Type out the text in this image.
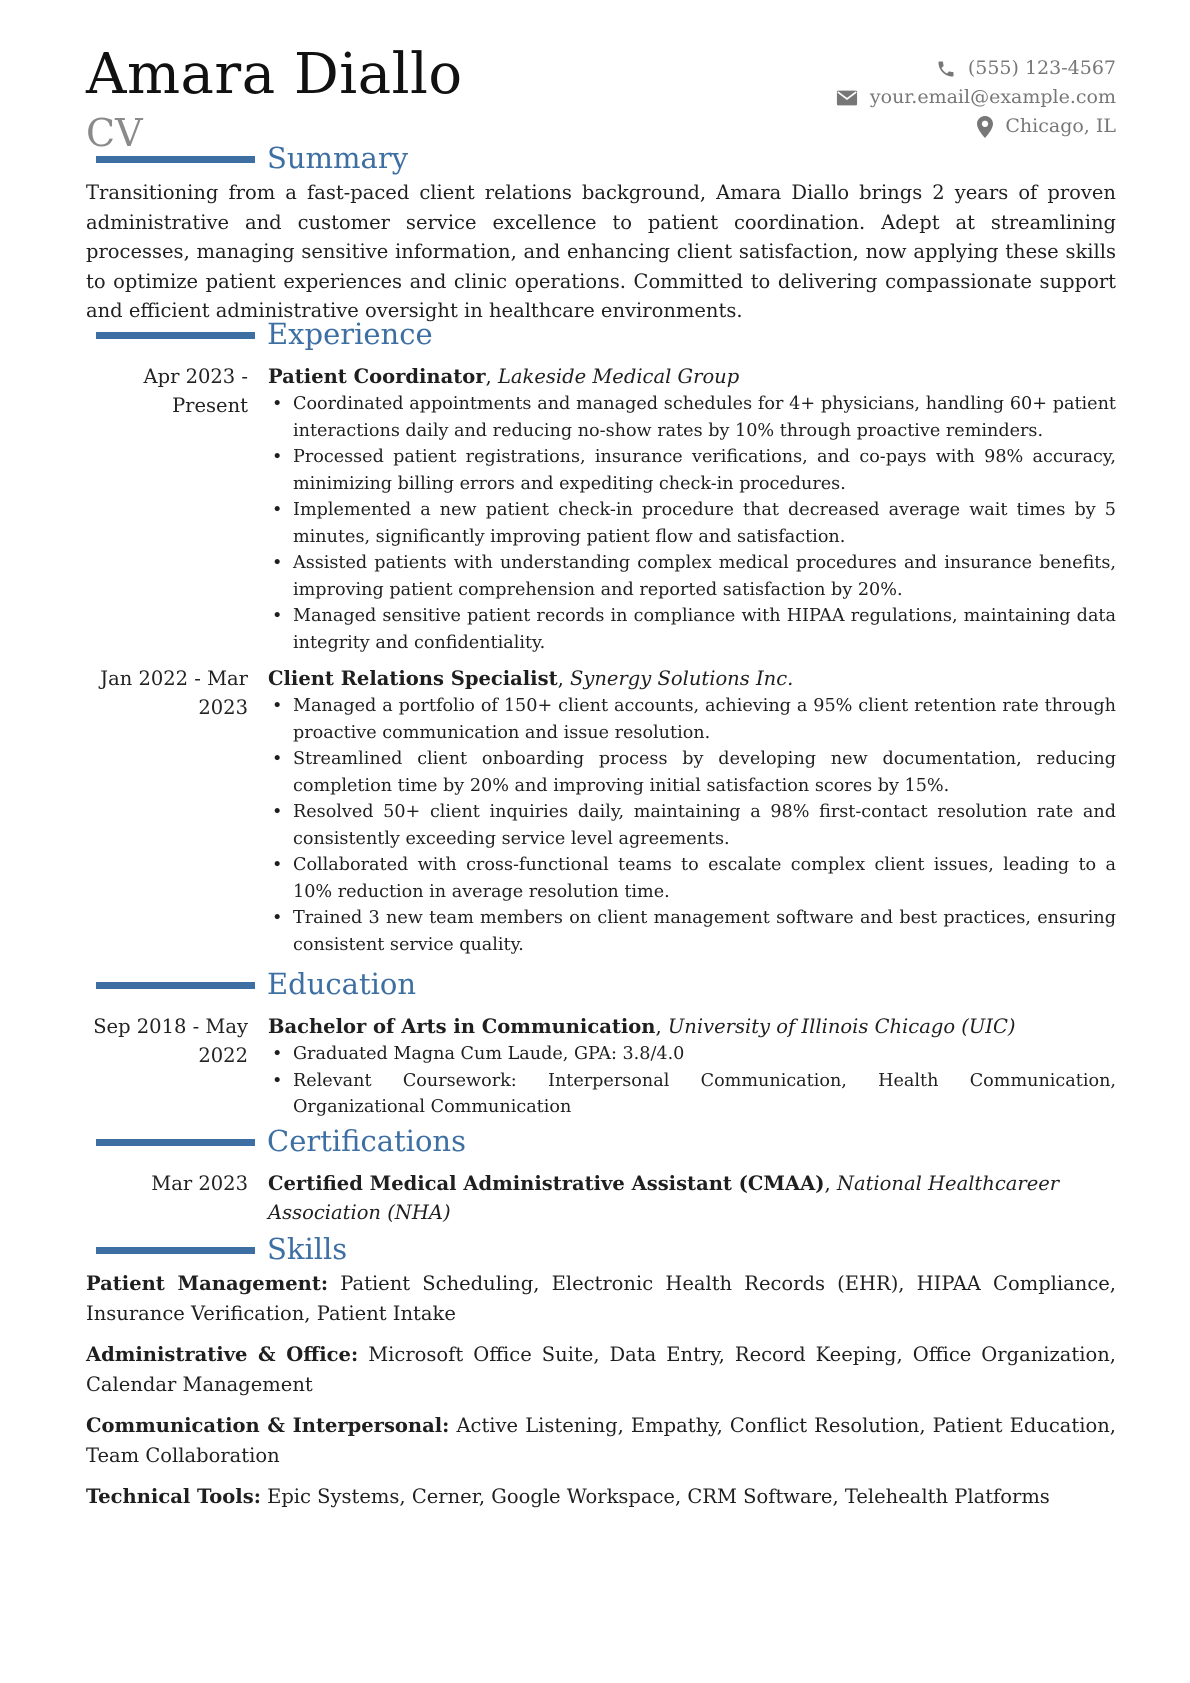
Amara Diallo
CV
(555) 123-4567
your.email@example.com
Chicago, IL
Summary
Transitioning from a fast-paced client relations background, Amara Diallo brings 2 years of proven administrative and customer service excellence to patient coordination. Adept at streamlining processes, managing sensitive information, and enhancing client satisfaction, now applying these skills to optimize patient experiences and clinic operations. Committed to delivering compassionate support and efficient administrative oversight in healthcare environments.
Experience
Apr 2023 - Present
Patient Coordinator, Lakeside Medical Group
• Coordinated appointments and managed schedules for 4+ physicians, handling 60+ patient interactions daily and reducing no-show rates by 10% through proactive reminders.
• Processed patient registrations, insurance verifications, and co-pays with 98% accuracy, minimizing billing errors and expediting check-in procedures.
• Implemented a new patient check-in procedure that decreased average wait times by 5 minutes, significantly improving patient flow and satisfaction.
• Assisted patients with understanding complex medical procedures and insurance benefits, improving patient comprehension and reported satisfaction by 20%.
• Managed sensitive patient records in compliance with HIPAA regulations, maintaining data integrity and confidentiality.
Jan 2022 - Mar 2023
Client Relations Specialist, Synergy Solutions Inc.
• Managed a portfolio of 150+ client accounts, achieving a 95% client retention rate through proactive communication and issue resolution.
• Streamlined client onboarding process by developing new documentation, reducing completion time by 20% and improving initial satisfaction scores by 15%.
• Resolved 50+ client inquiries daily, maintaining a 98% first-contact resolution rate and consistently exceeding service level agreements.
• Collaborated with cross-functional teams to escalate complex client issues, leading to a 10% reduction in average resolution time.
• Trained 3 new team members on client management software and best practices, ensuring consistent service quality.
Education
Sep 2018 - May 2022
Bachelor of Arts in Communication, University of Illinois Chicago (UIC)
• Graduated Magna Cum Laude, GPA: 3.8/4.0
• Relevant Coursework: Interpersonal Communication, Health Communication, Organizational Communication
Certifications
Mar 2023 Certified Medical Administrative Assistant (CMAA), National Healthcareer Association (NHA)
Skills
Patient Management: Patient Scheduling, Electronic Health Records (EHR), HIPAA Compliance, Insurance Verification, Patient Intake
Administrative & Office: Microsoft Office Suite, Data Entry, Record Keeping, Office Organization, Calendar Management
Communication & Interpersonal: Active Listening, Empathy, Conflict Resolution, Patient Education, Team Collaboration
Technical Tools: Epic Systems, Cerner, Google Workspace, CRM Software, Telehealth Platforms
